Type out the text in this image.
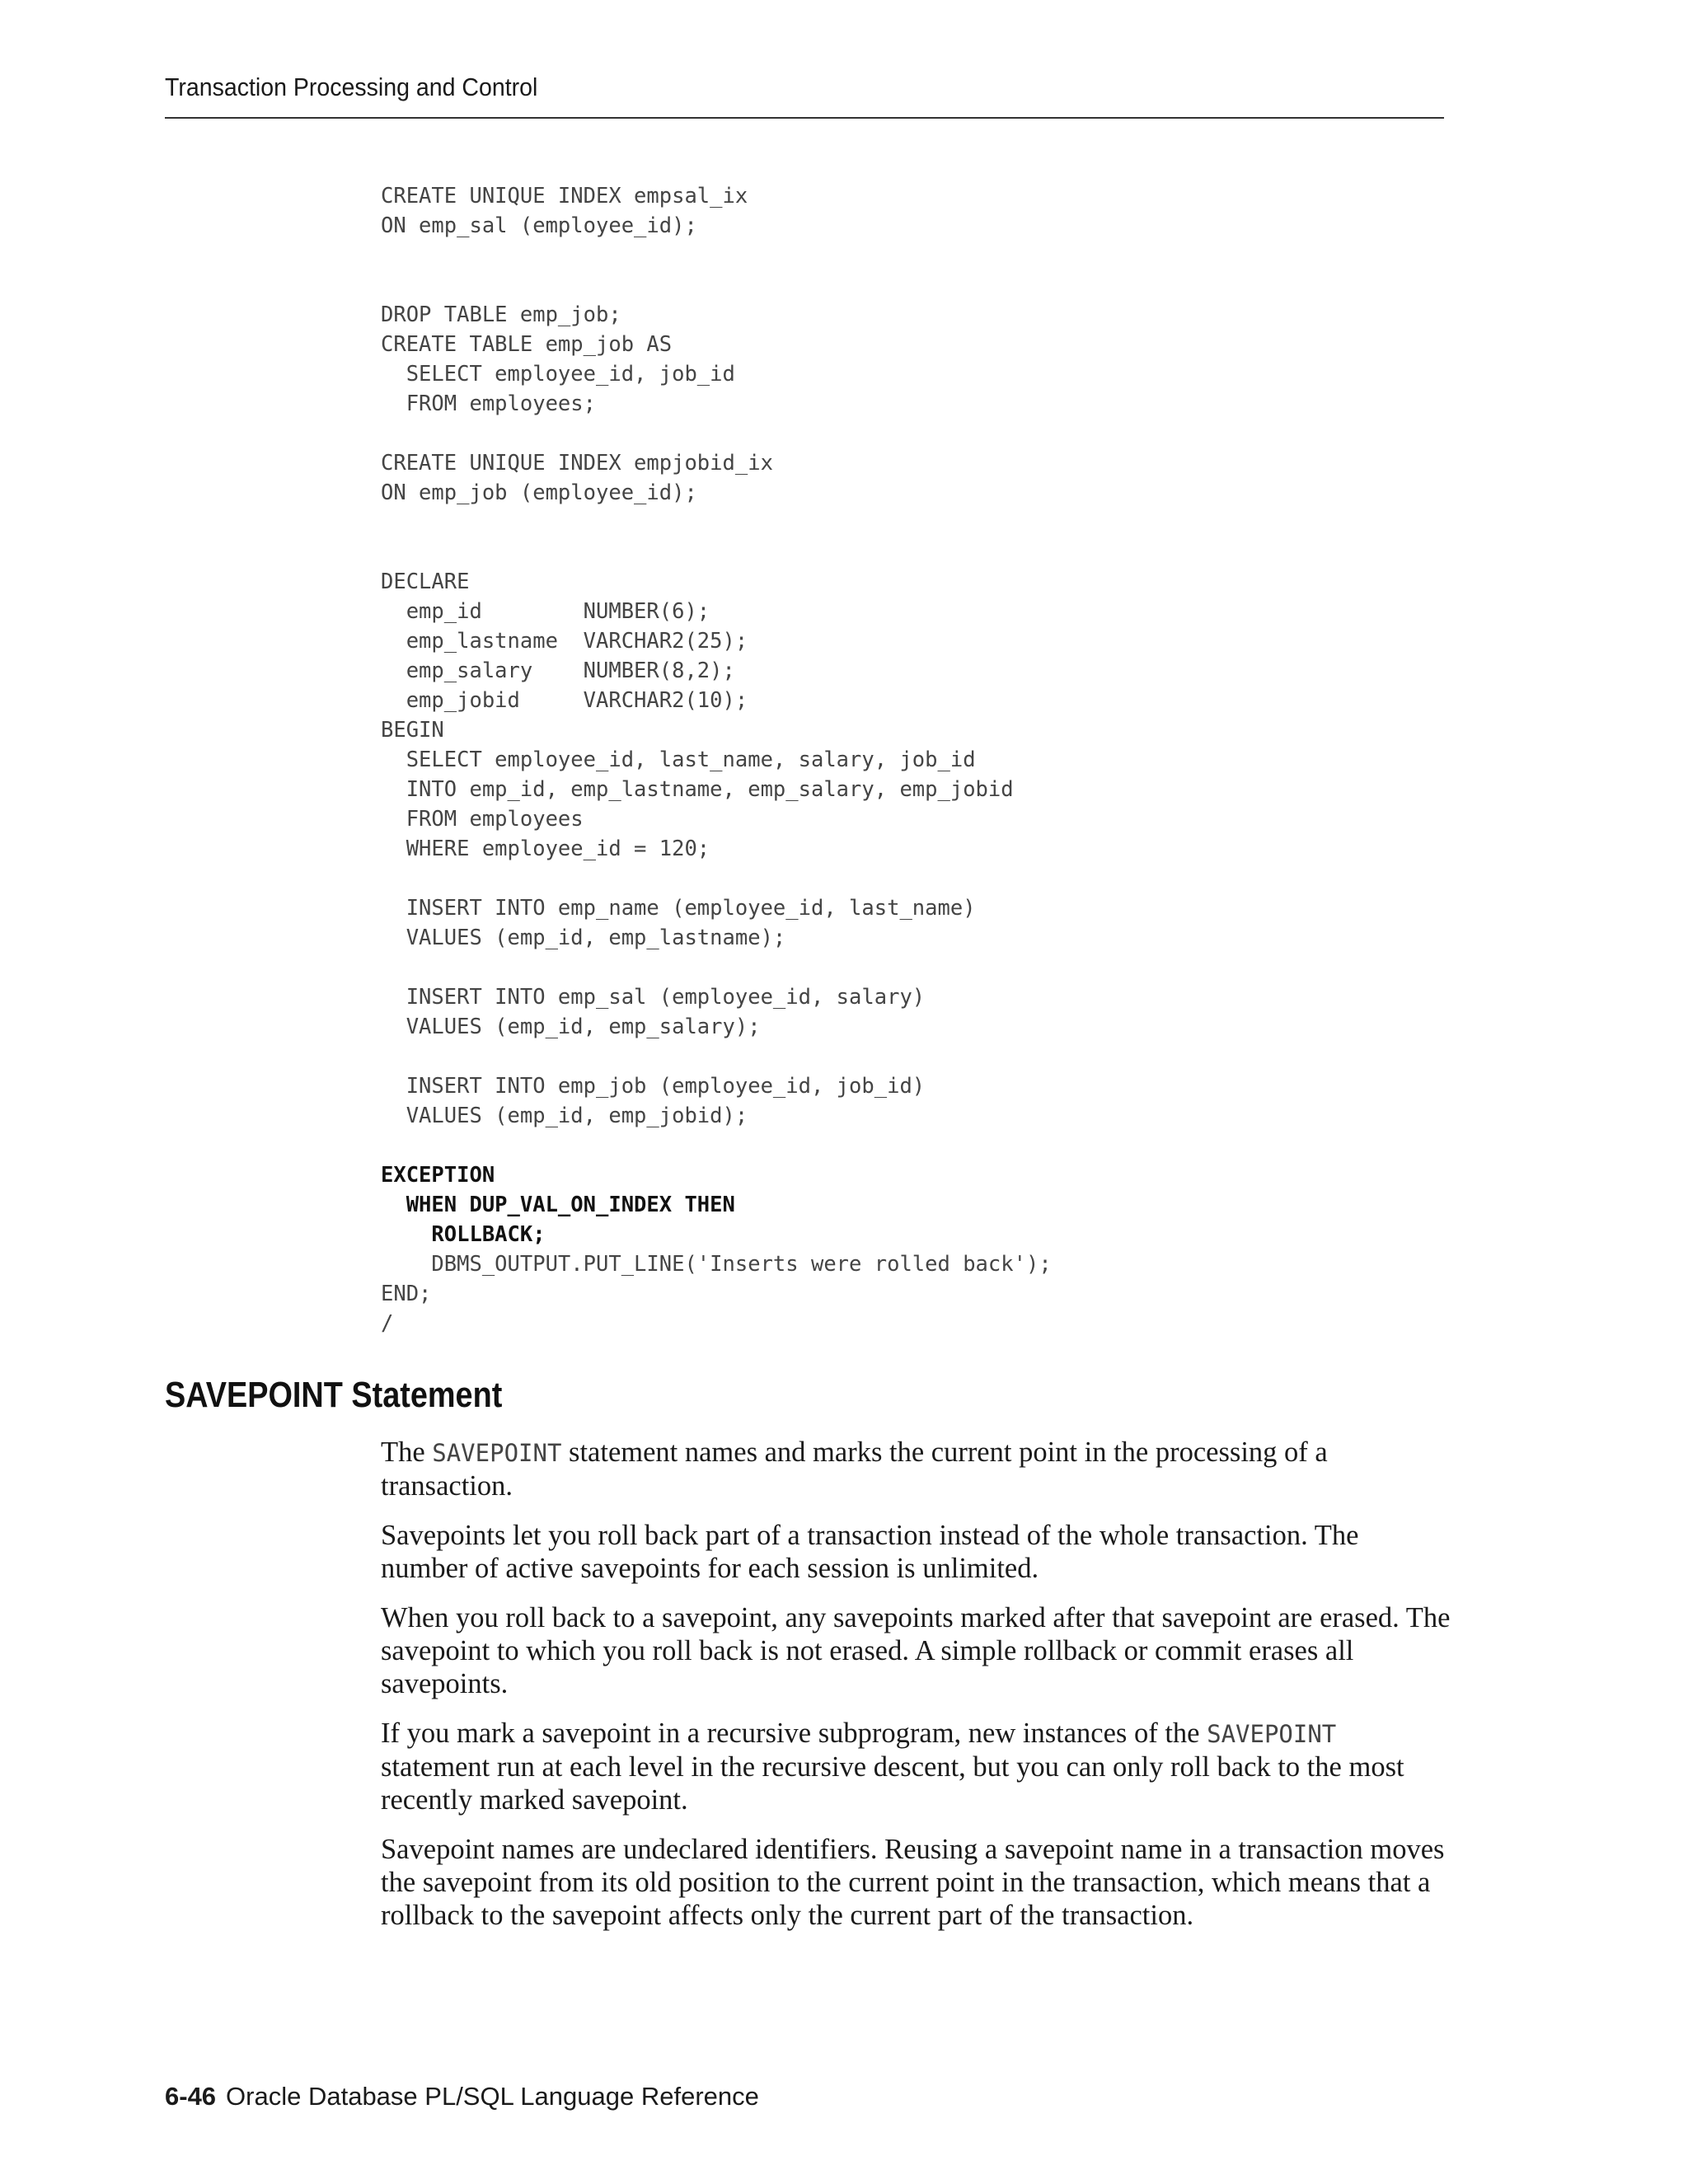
Transaction Processing and Control
CREATE UNIQUE INDEX empsal_ix
ON emp_sal (employee_id);
DROP TABLE emp_job;
CREATE TABLE emp_job AS
SELECT employee_id, job_id
FROM employees;
CREATE UNIQUE INDEX empjobid_ix
ON emp_job (employee_id);
DECLARE
emp_id        NUMBER(6);
emp_lastname  VARCHAR2(25);
emp_salary    NUMBER(8,2);
emp_jobid     VARCHAR2(10);
BEGIN
SELECT employee_id, last_name, salary, job_id
INTO emp_id, emp_lastname, emp_salary, emp_jobid
FROM employees
WHERE employee_id = 120;
INSERT INTO emp_name (employee_id, last_name)
VALUES (emp_id, emp_lastname);
INSERT INTO emp_sal (employee_id, salary)
VALUES (emp_id, emp_salary);
INSERT INTO emp_job (employee_id, job_id)
VALUES (emp_id, emp_jobid);
EXCEPTION
WHEN DUP_VAL_ON_INDEX THEN
ROLLBACK;
DBMS_OUTPUT.PUT_LINE('Inserts were rolled back');
END;
/
SAVEPOINT Statement

The SAVEPOINT statement names and marks the current point in the processing of a transaction.

Savepoints let you roll back part of a transaction instead of the whole transaction. The number of active savepoints for each session is unlimited.

When you roll back to a savepoint, any savepoints marked after that savepoint are erased. The savepoint to which you roll back is not erased. A simple rollback or commit erases all savepoints.

If you mark a savepoint in a recursive subprogram, new instances of the SAVEPOINT statement run at each level in the recursive descent, but you can only roll back to the most recently marked savepoint.

Savepoint names are undeclared identifiers. Reusing a savepoint name in a transaction moves the savepoint from its old position to the current point in the transaction, which means that a rollback to the savepoint affects only the current part of the transaction.

6-46 Oracle Database PL/SQL Language Reference
